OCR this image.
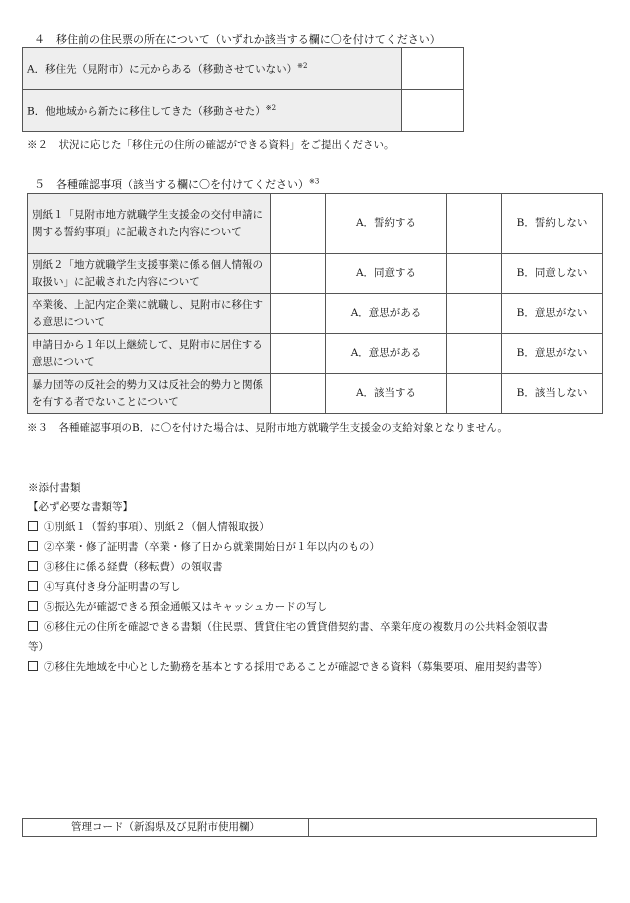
４　移住前の住民票の所在について（いずれか該当する欄に〇を付けてください）
A．移住先（見附市）に元からある（移動させていない）$^{※2}$	
B．他地域から新たに移住してきた（移動させた）$^{※2}$	
※２　状況に応じた「移住元の住所の確認ができる資料」をご提出ください。
５　各種確認事項（該当する欄に〇を付けてください）$^{※3}$
別紙１「見附市地方就職学生支援金の交付申請に関する誓約事項」に記載された内容について		A．誓約する		B．誓約しない
別紙２「地方就職学生支援事業に係る個人情報の取扱い」に記載された内容について		A．同意する		B．同意しない
卒業後、上記内定企業に就職し、見附市に移住する意思について		A．意思がある		B．意思がない
申請日から１年以上継続して、見附市に居住する意思について		A．意思がある		B．意思がない
暴力団等の反社会的勢力又は反社会的勢力と関係を有する者でないことについて		A．該当する		B．該当しない
※３　各種確認事項のB．に〇を付けた場合は、見附市地方就職学生支援金の支給対象となりません。
※添付書類
【必ず必要な書類等】
①別紙１（誓約事項）、別紙２（個人情報取扱）
②卒業・修了証明書（卒業・修了日から就業開始日が１年以内のもの）
③移住に係る経費（移転費）の領収書
④写真付き身分証明書の写し
⑤振込先が確認できる預金通帳又はキャッシュカードの写し
⑥移住元の住所を確認できる書類（住民票、賃貸住宅の賃貸借契約書、卒業年度の複数月の公共料金領収書
等）
⑦移住先地域を中心とした勤務を基本とする採用であることが確認できる資料（募集要項、雇用契約書等）
管理コード（新潟県及び見附市使用欄）	
